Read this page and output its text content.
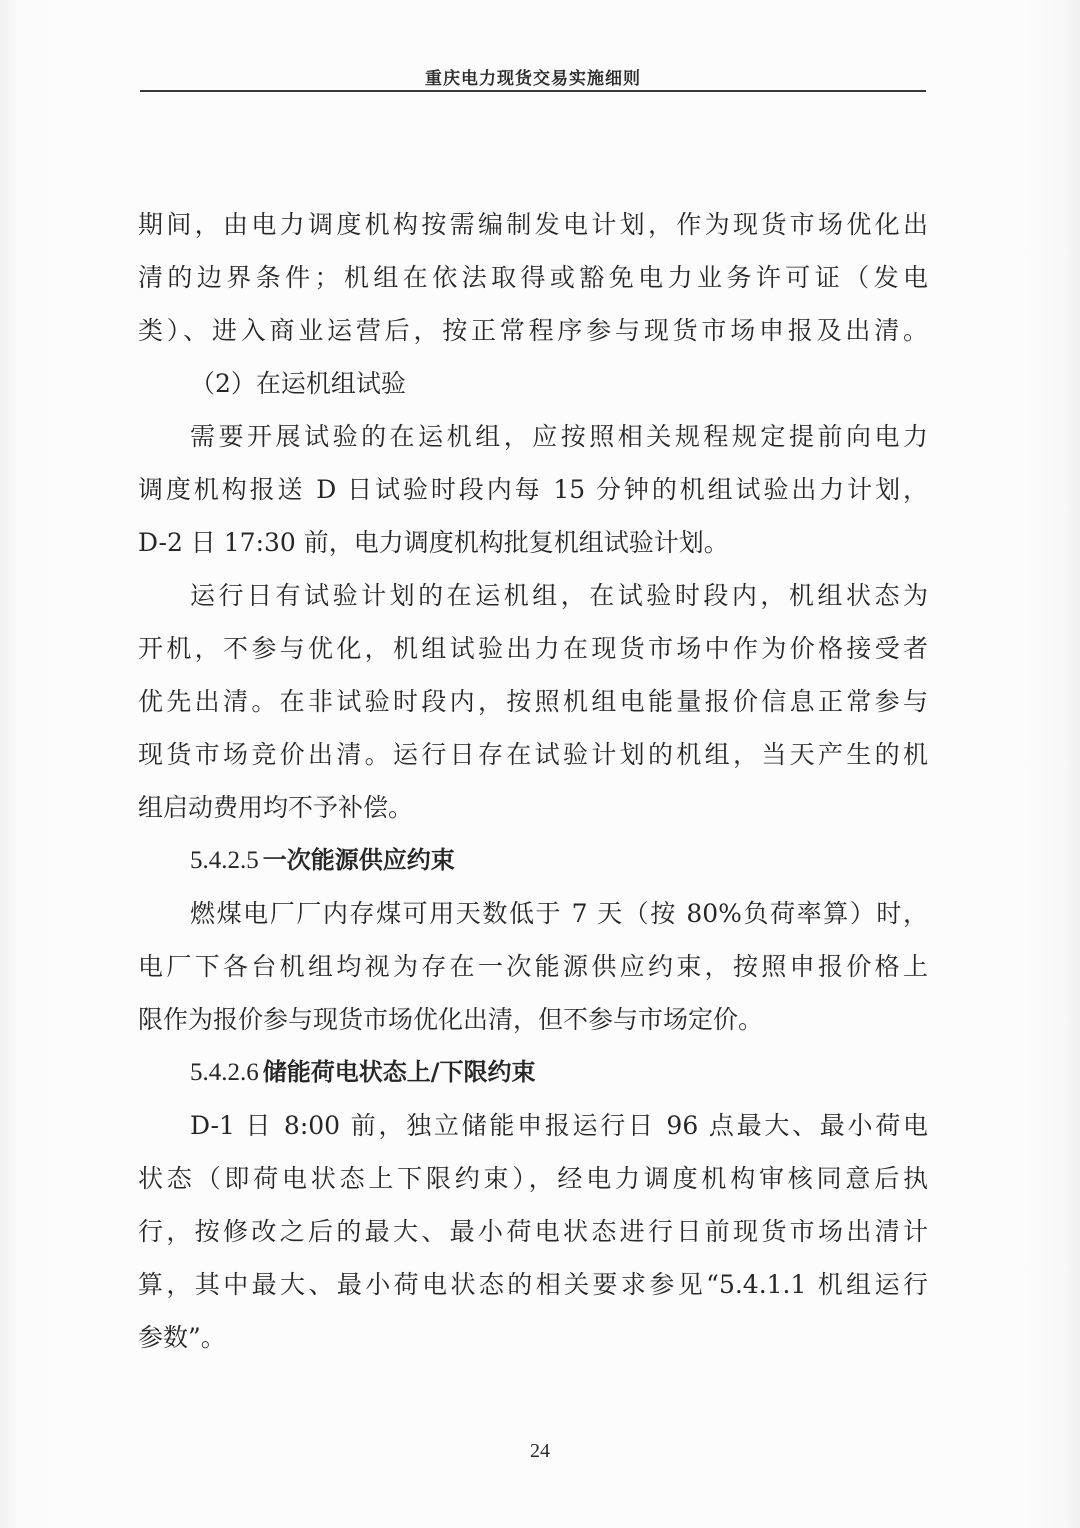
重庆电力现货交易实施细则
期间，由电力调度机构按需编制发电计划，作为现货市场优化出
清的边界条件；机组在依法取得或豁免电力业务许可证（发电
类）、进入商业运营后，按正常程序参与现货市场申报及出清。
（2）在运机组试验
需要开展试验的在运机组，应按照相关规程规定提前向电力
调度机构报送 D 日试验时段内每 15 分钟的机组试验出力计划，
D-2 日 17:30 前，电力调度机构批复机组试验计划。
运行日有试验计划的在运机组，在试验时段内，机组状态为
开机，不参与优化，机组试验出力在现货市场中作为价格接受者
优先出清。在非试验时段内，按照机组电能量报价信息正常参与
现货市场竞价出清。运行日存在试验计划的机组，当天产生的机
组启动费用均不予补偿。
5.4.2.5 一次能源供应约束
燃煤电厂厂内存煤可用天数低于 7 天（按 80%负荷率算）时，
电厂下各台机组均视为存在一次能源供应约束，按照申报价格上
限作为报价参与现货市场优化出清，但不参与市场定价。
5.4.2.6 储能荷电状态上/下限约束
D-1 日 8:00 前，独立储能申报运行日 96 点最大、最小荷电
状态（即荷电状态上下限约束），经电力调度机构审核同意后执
行，按修改之后的最大、最小荷电状态进行日前现货市场出清计
算，其中最大、最小荷电状态的相关要求参见“5.4.1.1 机组运行
参数”。
24
